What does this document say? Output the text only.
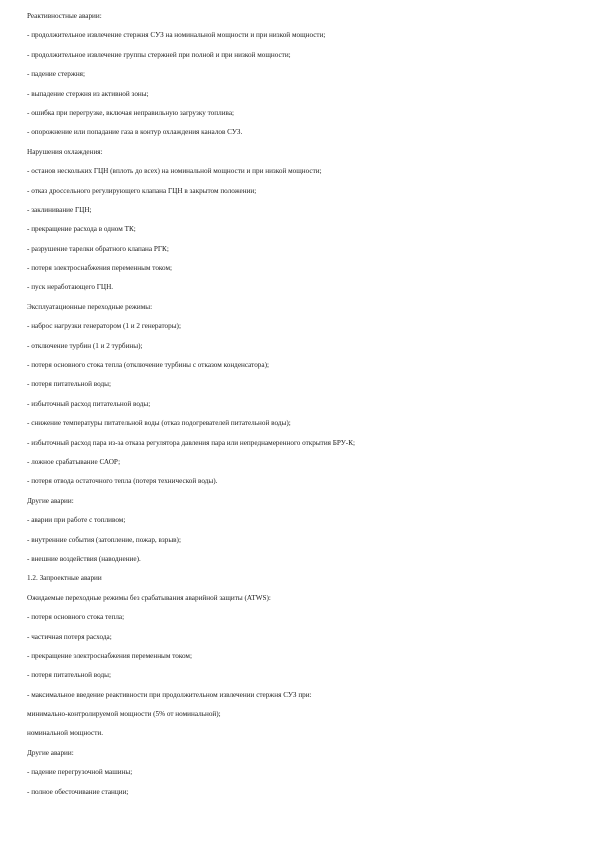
Реактивностные аварии:
- продолжительное извлечение стержня СУЗ на номинальной мощности и при низкой мощности;
- продолжительное извлечение группы стержней при полной и при низкой мощности;
- падение стержня;
- выпадение стержня из активной зоны;
- ошибка при перегрузке, включая неправильную загрузку топлива;
- опорожнение или попадание газа в контур охлаждения каналов СУЗ.
Нарушения охлаждения:
- останов нескольких ГЦН (вплоть до всех) на номинальной мощности и при низкой мощности;
- отказ дроссельного регулирующего клапана ГЦН в закрытом положении;
- заклинивание ГЦН;
- прекращение расхода в одном ТК;
- разрушение тарелки обратного клапана РГК;
- потеря электроснабжения переменным током;
- пуск неработающего ГЦН.
Эксплуатационные переходные режимы:
- наброс нагрузки генератором (1 и 2 генераторы);
- отключение турбин (1 и 2 турбины);
- потеря основного стока тепла (отключение турбины с отказом конденсатора);
- потеря питательной воды;
- избыточный расход питательной воды;
- снижение температуры питательной воды (отказ подогревателей питательной воды);
- избыточный расход пара из-за отказа регулятора давления пара или непреднамеренного открытия БРУ-К;
- ложное срабатывание САОР;
- потеря отвода остаточного тепла (потеря технической воды).
Другие аварии:
- аварии при работе с топливом;
- внутренние события (затопление, пожар, взрыв);
- внешние воздействия (наводнение).
1.2. Запроектные аварии
Ожидаемые переходные режимы без срабатывания аварийной защиты (ATWS):
- потеря основного стока тепла;
- частичная потеря расхода;
- прекращение электроснабжения переменным током;
- потеря питательной воды;
- максимальное введение реактивности при продолжительном извлечении стержня СУЗ при:
минимально-контролируемой мощности (5% от номинальной);
номинальной мощности.
Другие аварии:
- падение перегрузочной машины;
- полное обесточивание станции;
